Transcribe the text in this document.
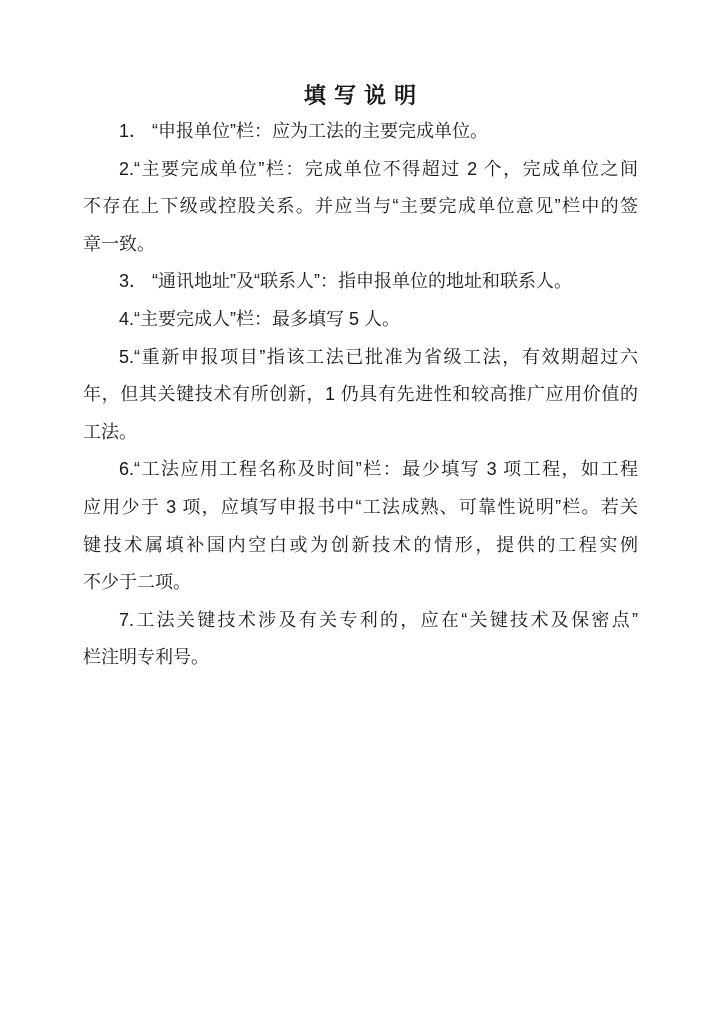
填 写 说 明
1． “申报单位”栏：应为工法的主要完成单位。
2.“主要完成单位”栏：完成单位不得超过 2 个，完成单位之间
不存在上下级或控股关系。并应当与“主要完成单位意见”栏中的签
章一致。
3． “通讯地址”及“联系人”：指申报单位的地址和联系人。
4.“主要完成人”栏：最多填写 5 人。
5.“重新申报项目”指该工法已批准为省级工法，有效期超过六
年，但其关键技术有所创新，1 仍具有先进性和较高推广应用价值的
工法。
6.“工法应用工程名称及时间”栏：最少填写 3 项工程，如工程
应用少于 3 项，应填写申报书中“工法成熟、可靠性说明”栏。若关
键技术属填补国内空白或为创新技术的情形，提供的工程实例
不少于二项。
7.工法关键技术涉及有关专利的，应在“关键技术及保密点”
栏注明专利号。
